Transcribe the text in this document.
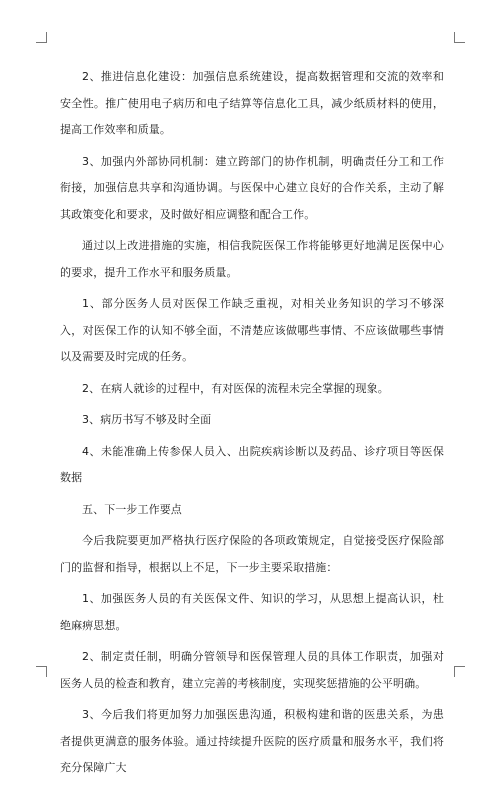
2、推进信息化建设：加强信息系统建设，提高数据管理和交流的效率和安全性。推广使用电子病历和电子结算等信息化工具，减少纸质材料的使用，提高工作效率和质量。

3、加强内外部协同机制：建立跨部门的协作机制，明确责任分工和工作衔接，加强信息共享和沟通协调。与医保中心建立良好的合作关系，主动了解其政策变化和要求，及时做好相应调整和配合工作。

通过以上改进措施的实施，相信我院医保工作将能够更好地满足医保中心的要求，提升工作水平和服务质量。

1、部分医务人员对医保工作缺乏重视，对相关业务知识的学习不够深入，对医保工作的认知不够全面，不清楚应该做哪些事情、不应该做哪些事情以及需要及时完成的任务。

2、在病人就诊的过程中，有对医保的流程未完全掌握的现象。

3、病历书写不够及时全面

4、未能准确上传参保人员入、出院疾病诊断以及药品、诊疗项目等医保数据

五、下一步工作要点

今后我院要更加严格执行医疗保险的各项政策规定，自觉接受医疗保险部门的监督和指导，根据以上不足，下一步主要采取措施：

1、加强医务人员的有关医保文件、知识的学习，从思想上提高认识，杜绝麻痹思想。

2、制定责任制，明确分管领导和医保管理人员的具体工作职责，加强对医务人员的检查和教育，建立完善的考核制度，实现奖惩措施的公平明确。

3、今后我们将更加努力加强医患沟通，积极构建和谐的医患关系，为患者提供更满意的服务体验。通过持续提升医院的医疗质量和服务水平，我们将充分保障广大
